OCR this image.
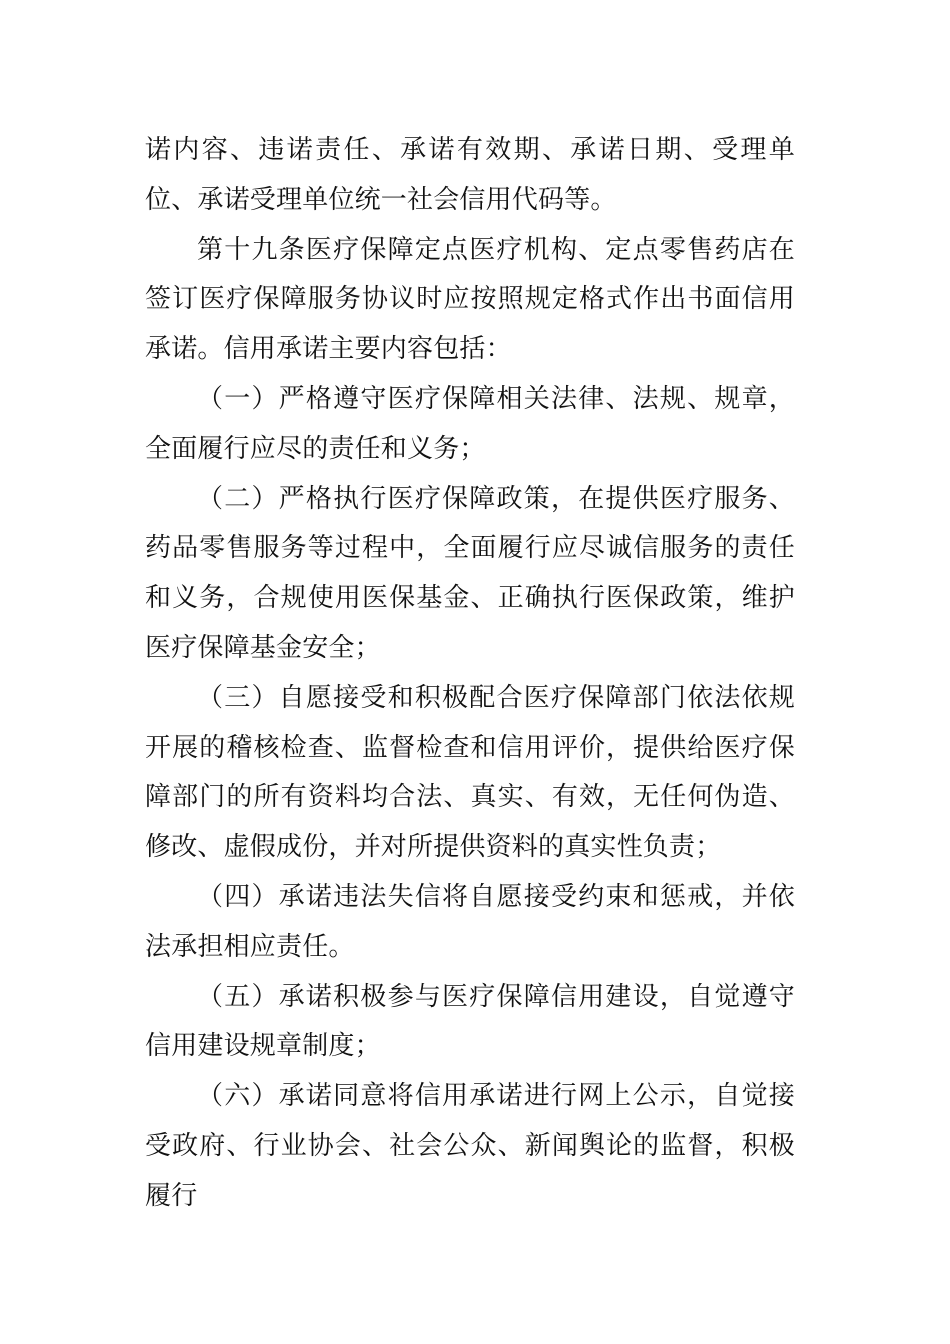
诺内容、违诺责任、承诺有效期、承诺日期、受理单位、承诺受理单位统一社会信用代码等。

第十九条医疗保障定点医疗机构、定点零售药店在签订医疗保障服务协议时应按照规定格式作出书面信用承诺。信用承诺主要内容包括：

（一）严格遵守医疗保障相关法律、法规、规章，全面履行应尽的责任和义务；

（二）严格执行医疗保障政策，在提供医疗服务、药品零售服务等过程中，全面履行应尽诚信服务的责任和义务，合规使用医保基金、正确执行医保政策，维护医疗保障基金安全；

（三）自愿接受和积极配合医疗保障部门依法依规开展的稽核检查、监督检查和信用评价，提供给医疗保障部门的所有资料均合法、真实、有效，无任何伪造、修改、虚假成份，并对所提供资料的真实性负责；

（四）承诺违法失信将自愿接受约束和惩戒，并依法承担相应责任。

（五）承诺积极参与医疗保障信用建设，自觉遵守信用建设规章制度；

（六）承诺同意将信用承诺进行网上公示，自觉接受政府、行业协会、社会公众、新闻舆论的监督，积极履行
